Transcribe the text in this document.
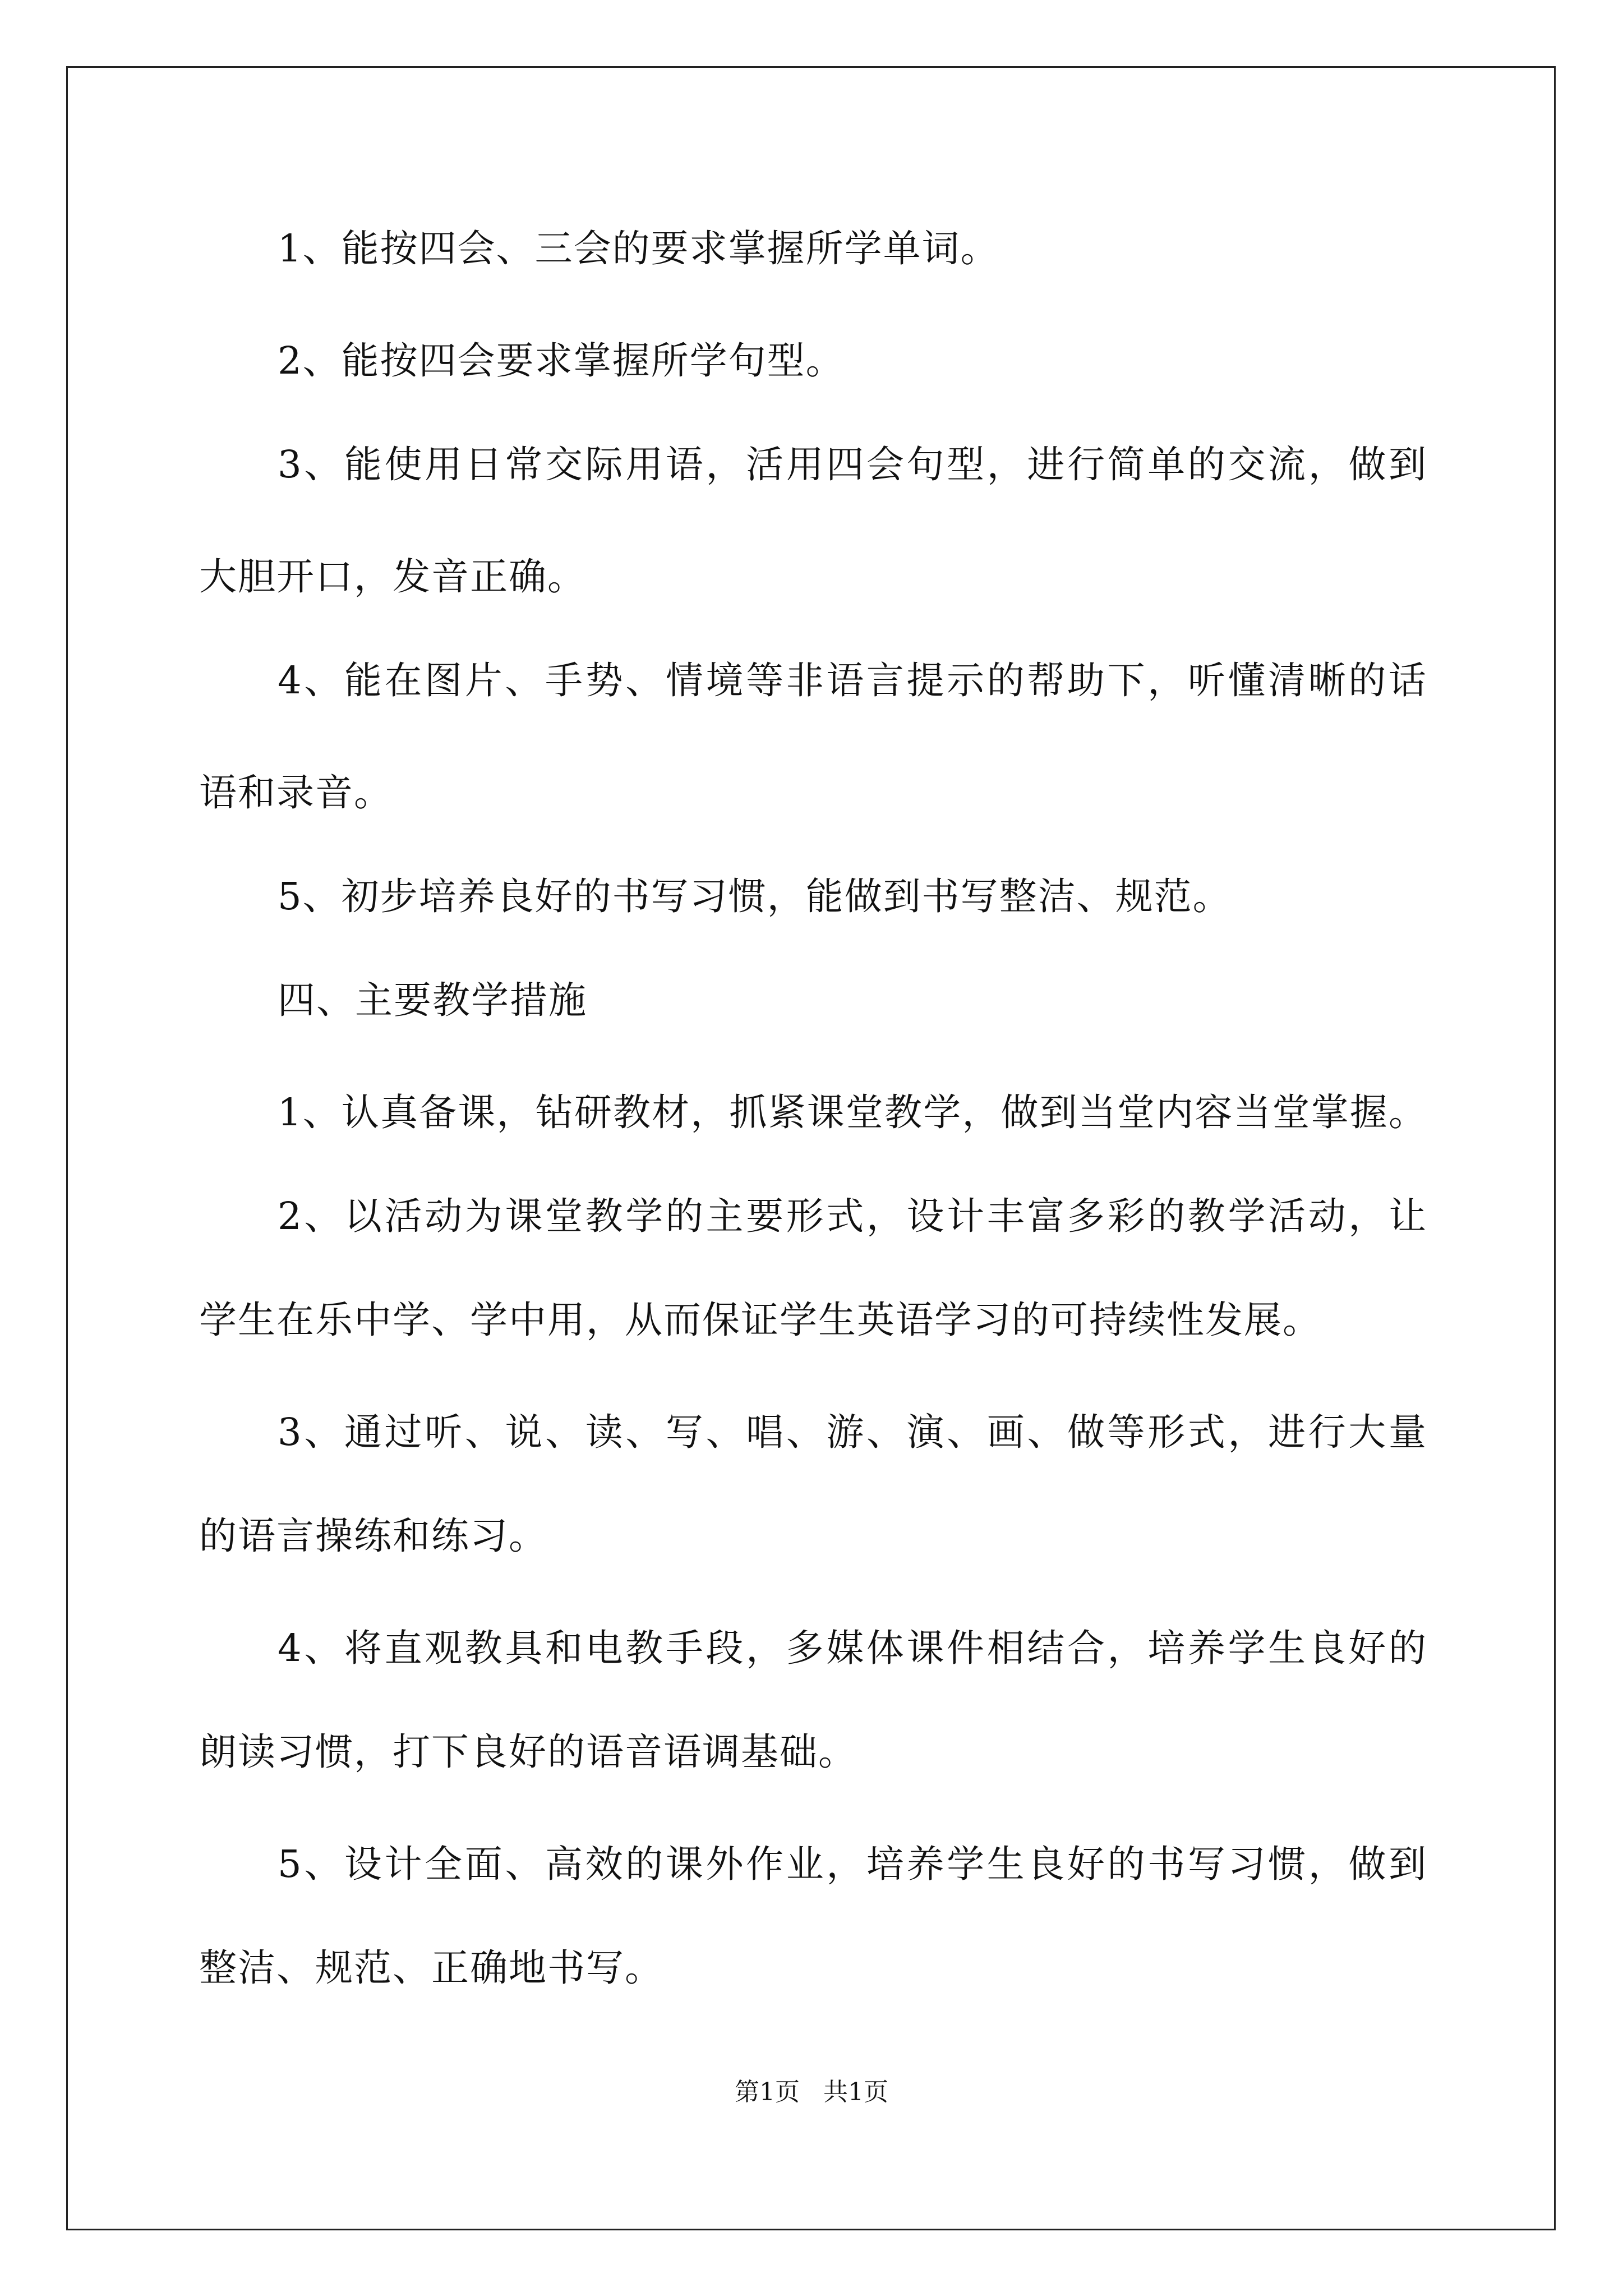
1、能按四会、三会的要求掌握所学单词。
2、能按四会要求掌握所学句型。
3、能使用日常交际用语，活用四会句型，进行简单的交流，做到
大胆开口，发音正确。
4、能在图片、手势、情境等非语言提示的帮助下，听懂清晰的话
语和录音。
5、初步培养良好的书写习惯，能做到书写整洁、规范。
四、主要教学措施
1、认真备课，钻研教材，抓紧课堂教学，做到当堂内容当堂掌握。
2、以活动为课堂教学的主要形式，设计丰富多彩的教学活动，让
学生在乐中学、学中用，从而保证学生英语学习的可持续性发展。
3、通过听、说、读、写、唱、游、演、画、做等形式，进行大量
的语言操练和练习。
4、将直观教具和电教手段，多媒体课件相结合，培养学生良好的
朗读习惯，打下良好的语音语调基础。
5、设计全面、高效的课外作业，培养学生良好的书写习惯，做到
整洁、规范、正确地书写。
第1页 共1页
